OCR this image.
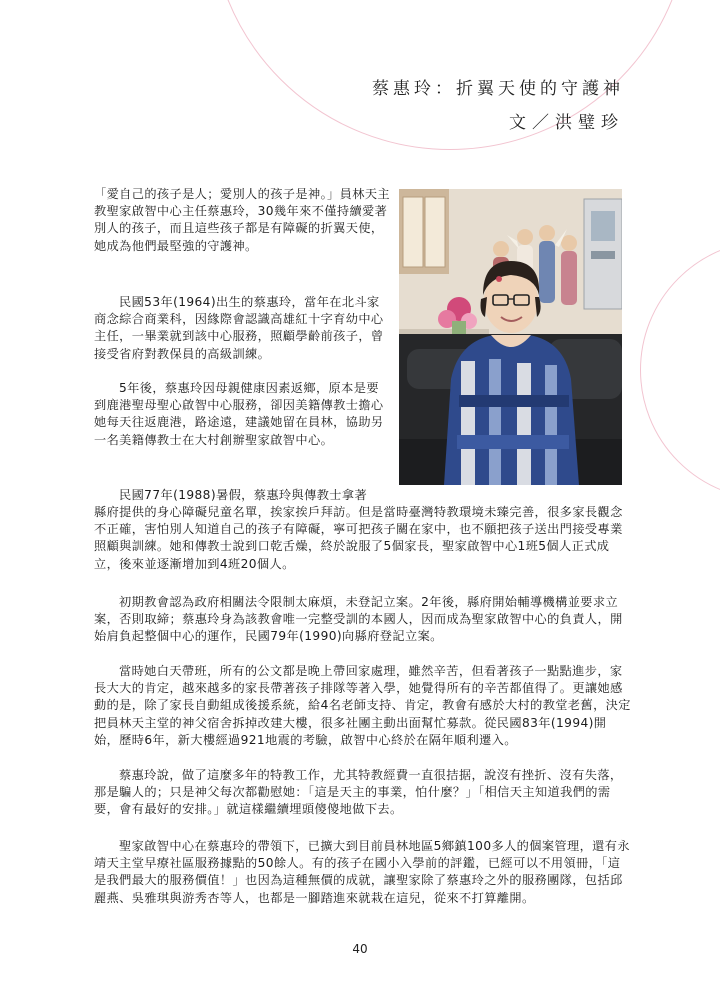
蔡惠玲：折翼天使的守護神
文／洪璧珍

「愛自己的孩子是人；愛別人的孩子是神。」員林天主教聖家啟智中心主任蔡惠玲，30幾年來不僅持續愛著別人的孩子，而且這些孩子都是有障礙的折翼天使，她成為他們最堅強的守護神。

民國53年(1964)出生的蔡惠玲，當年在北斗家商念綜合商業科，因緣際會認識高雄紅十字育幼中心主任，一畢業就到該中心服務，照顧學齡前孩子，曾接受省府對教保員的高級訓練。

5年後，蔡惠玲因母親健康因素返鄉，原本是要到鹿港聖母聖心啟智中心服務，卻因美籍傳教士擔心她每天往返鹿港，路途遠，建議她留在員林，協助另一名美籍傳教士在大村創辦聖家啟智中心。

民國77年(1988)暑假，蔡惠玲與傳教士拿著

縣府提供的身心障礙兒童名單，挨家挨戶拜訪。但是當時臺灣特教環境未臻完善，很多家長觀念不正確，害怕別人知道自己的孩子有障礙，寧可把孩子關在家中，也不願把孩子送出門接受專業照顧與訓練。她和傳教士說到口乾舌燥，終於說服了5個家長，聖家啟智中心1班5個人正式成立，後來並逐漸增加到4班20個人。

初期教會認為政府相關法令限制太麻煩，未登記立案。2年後，縣府開始輔導機構並要求立案，否則取締；蔡惠玲身為該教會唯一完整受訓的本國人，因而成為聖家啟智中心的負責人，開始肩負起整個中心的運作，民國79年(1990)向縣府登記立案。

當時她白天帶班，所有的公文都是晚上帶回家處理，雖然辛苦，但看著孩子一點點進步，家長大大的肯定，越來越多的家長帶著孩子排隊等著入學，她覺得所有的辛苦都值得了。更讓她感動的是，除了家長自動組成後援系統，給4名老師支持、肯定，教會有感於大村的教堂老舊，決定把員林天主堂的神父宿舍拆掉改建大樓，很多社團主動出面幫忙募款。從民國83年(1994)開始，歷時6年，新大樓經過921地震的考驗，啟智中心終於在隔年順利遷入。

蔡惠玲說，做了這麼多年的特教工作，尤其特教經費一直很拮据，說沒有挫折、沒有失落，那是騙人的；只是神父每次都勸慰她：「這是天主的事業，怕什麼？」「相信天主知道我們的需要，會有最好的安排。」就這樣繼續埋頭傻傻地做下去。

聖家啟智中心在蔡惠玲的帶領下，已擴大到目前員林地區5鄉鎮100多人的個案管理，還有永靖天主堂早療社區服務據點的50餘人。有的孩子在國小入學前的評鑑，已經可以不用領冊，「這是我們最大的服務價值！」也因為這種無價的成就，讓聖家除了蔡惠玲之外的服務團隊，包括邱麗燕、吳雅琪與游秀杏等人，也都是一腳踏進來就栽在這兒，從來不打算離開。

40
